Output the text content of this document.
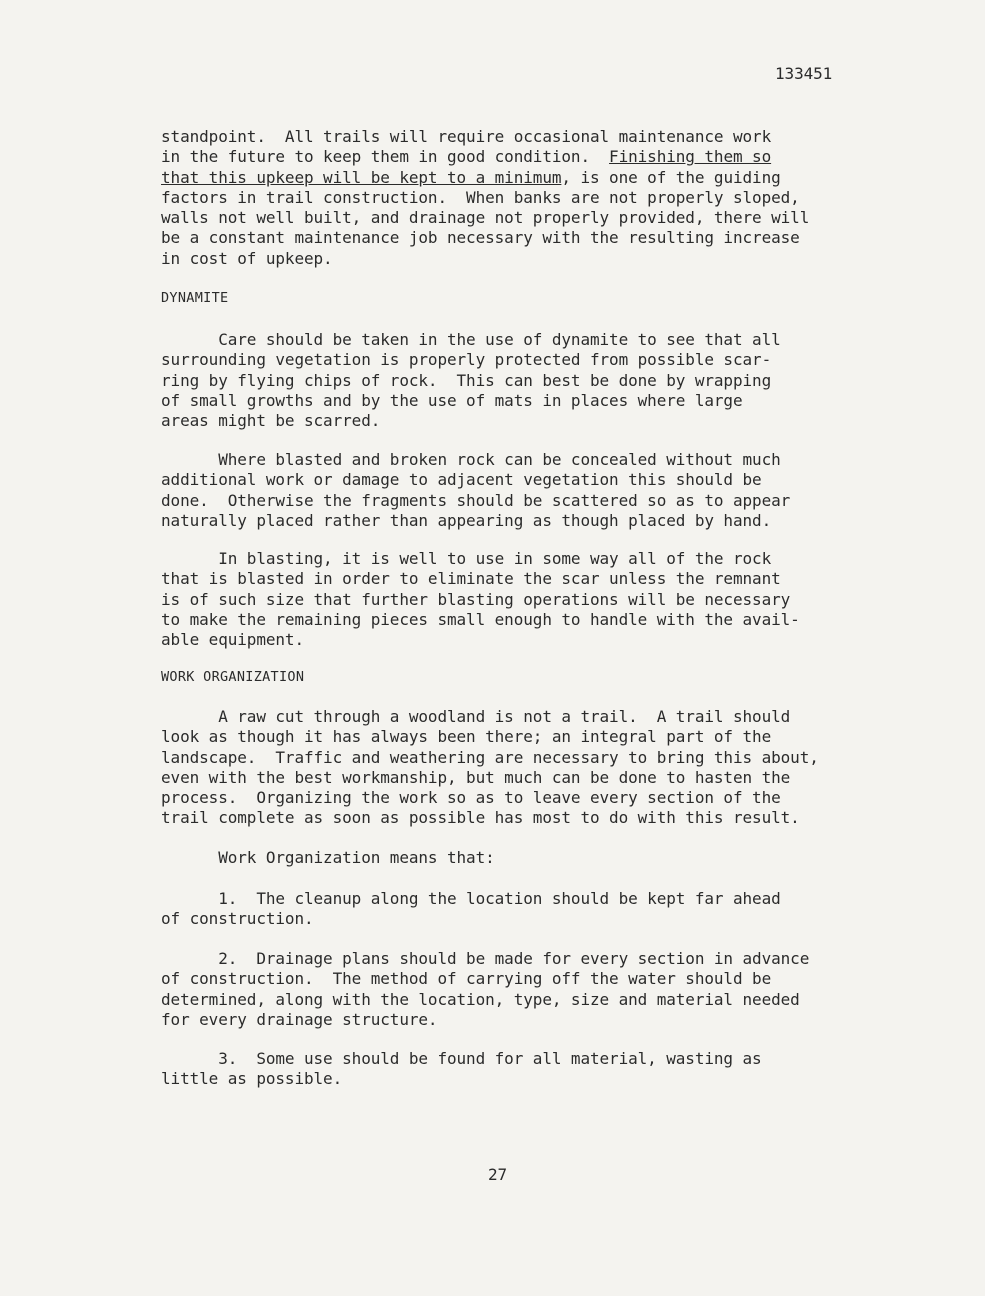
133451
standpoint.  All trails will require occasional maintenance work
in the future to keep them in good condition.  Finishing them so
that this upkeep will be kept to a minimum, is one of the guiding
factors in trail construction.  When banks are not properly sloped,
walls not well built, and drainage not properly provided, there will
be a constant maintenance job necessary with the resulting increase
in cost of upkeep.
DYNAMITE
Care should be taken in the use of dynamite to see that all
surrounding vegetation is properly protected from possible scar-
ring by flying chips of rock.  This can best be done by wrapping
of small growths and by the use of mats in places where large
areas might be scarred.
Where blasted and broken rock can be concealed without much
additional work or damage to adjacent vegetation this should be
done.  Otherwise the fragments should be scattered so as to appear
naturally placed rather than appearing as though placed by hand.
In blasting, it is well to use in some way all of the rock
that is blasted in order to eliminate the scar unless the remnant
is of such size that further blasting operations will be necessary
to make the remaining pieces small enough to handle with the avail-
able equipment.
WORK ORGANIZATION
A raw cut through a woodland is not a trail.  A trail should
look as though it has always been there; an integral part of the
landscape.  Traffic and weathering are necessary to bring this about,
even with the best workmanship, but much can be done to hasten the
process.  Organizing the work so as to leave every section of the
trail complete as soon as possible has most to do with this result.
Work Organization means that:
1.  The cleanup along the location should be kept far ahead
of construction.
2.  Drainage plans should be made for every section in advance
of construction.  The method of carrying off the water should be
determined, along with the location, type, size and material needed
for every drainage structure.
3.  Some use should be found for all material, wasting as
little as possible.
27
